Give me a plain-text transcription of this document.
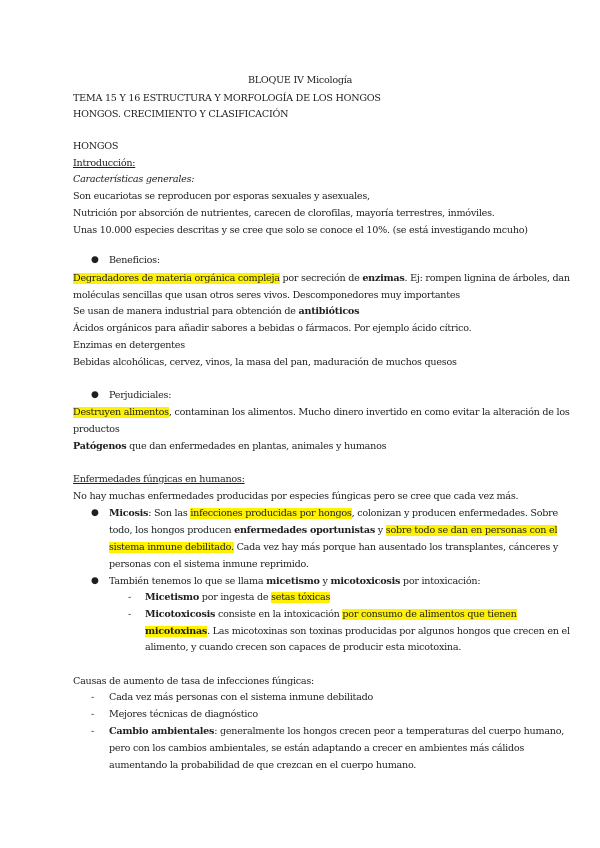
BLOQUE IV Micología
TEMA 15 Y 16 ESTRUCTURA Y MORFOLOGÍA DE LOS HONGOS
HONGOS. CRECIMIENTO Y CLASIFICACIÓN
HONGOS
Introducción:
Características generales:
Son eucariotas se reproducen por esporas sexuales y asexuales,
Nutrición por absorción de nutrientes, carecen de clorofilas, mayoría terrestres, inmóviles.
Unas 10.000 especies descritas y se cree que solo se conoce el 10%. (se está investigando mcuho)
● Beneficios:
Degradadores de materia orgánica compleja por secreción de enzimas. Ej: rompen lignina de árboles, dan
moléculas sencillas que usan otros seres vivos. Descomponedores muy importantes
Se usan de manera industrial para obtención de antibióticos
Ácidos orgánicos para añadir sabores a bebidas o fármacos. Por ejemplo ácido cítrico.
Enzimas en detergentes
Bebidas alcohólicas, cervez, vinos, la masa del pan, maduración de muchos quesos
● Perjudiciales:
Destruyen alimentos, contaminan los alimentos. Mucho dinero invertido en como evitar la alteración de los
productos
Patógenos que dan enfermedades en plantas, animales y humanos
Enfermedades fúngicas en humanos:
No hay muchas enfermedades producidas por especies fúngicas pero se cree que cada vez más.
● Micosis: Son las infecciones producidas por hongos, colonizan y producen enfermedades. Sobre
todo, los hongos producen enfermedades oportunistas y sobre todo se dan en personas con el
sistema inmune debilitado. Cada vez hay más porque han ausentado los transplantes, cánceres y
personas con el sistema inmune reprimido.
● También tenemos lo que se llama micetismo y micotoxicosis por intoxicación:
- Micetismo por ingesta de setas tóxicas
- Micotoxicosis consiste en la intoxicación por consumo de alimentos que tienen
micotoxinas. Las micotoxinas son toxinas producidas por algunos hongos que crecen en el
alimento, y cuando crecen son capaces de producir esta micotoxina.
Causas de aumento de tasa de infecciones fúngicas:
- Cada vez más personas con el sistema inmune debilitado
- Mejores técnicas de diagnóstico
- Cambio ambientales: generalmente los hongos crecen peor a temperaturas del cuerpo humano,
pero con los cambios ambientales, se están adaptando a crecer en ambientes más cálidos
aumentando la probabilidad de que crezcan en el cuerpo humano.
